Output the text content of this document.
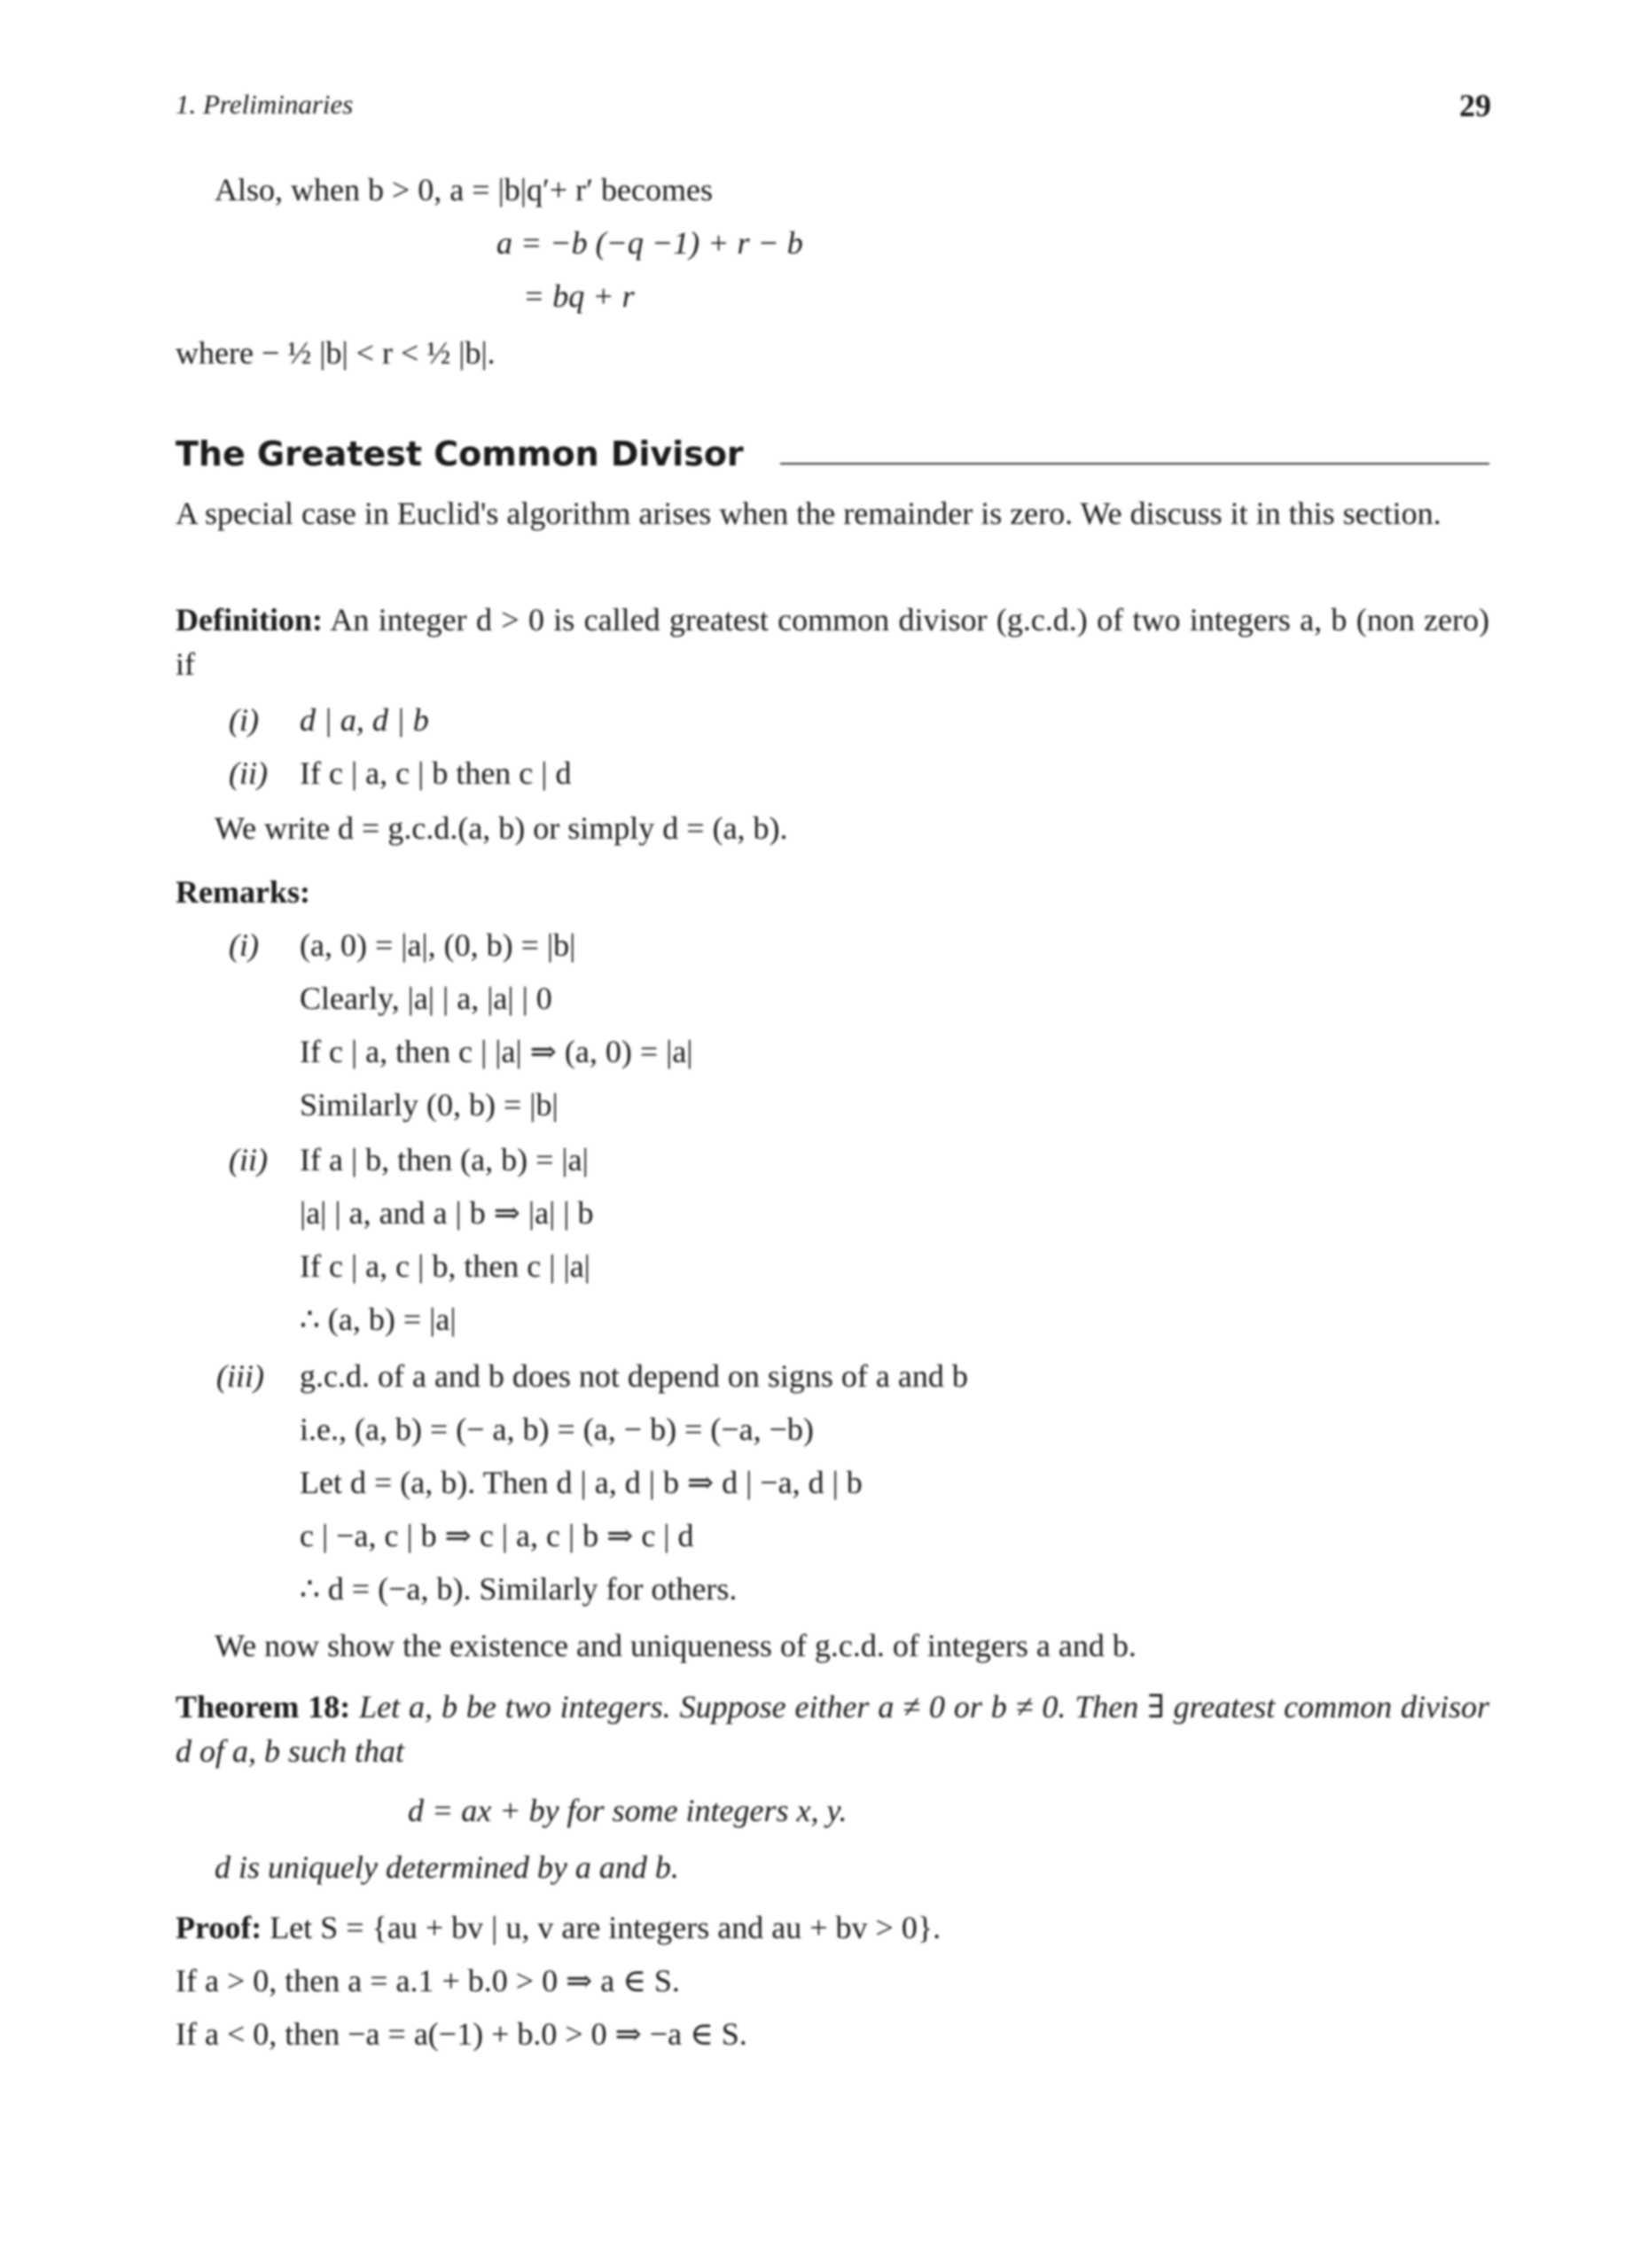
1. Preliminaries	29
Also, when b > 0, a = |b|q′+ r′ becomes
a = −b (−q −1) + r − b
= bq + r
where − ½ |b| < r < ½ |b|.
The Greatest Common Divisor
A special case in Euclid's algorithm arises when the remainder is zero. We discuss it in this section.
Definition: An integer d > 0 is called greatest common divisor (g.c.d.) of two integers a, b (non zero) if
(i) d | a, d | b
(ii) If c | a, c | b then c | d
We write d = g.c.d.(a, b) or simply d = (a, b).
Remarks:
(i) (a, 0) = |a|, (0, b) = |b|
Clearly, |a| | a, |a| | 0
If c | a, then c | |a| ⇒ (a, 0) = |a|
Similarly (0, b) = |b|
(ii) If a | b, then (a, b) = |a|
|a| | a, and a | b ⇒ |a| | b
If c | a, c | b, then c | |a|
∴ (a, b) = |a|
(iii) g.c.d. of a and b does not depend on signs of a and b
i.e., (a, b) = (− a, b) = (a, − b) = (−a, −b)
Let d = (a, b). Then d | a, d | b ⇒ d | −a, d | b
c | −a, c | b ⇒ c | a, c | b ⇒ c | d
∴ d = (−a, b). Similarly for others.
We now show the existence and uniqueness of g.c.d. of integers a and b.
Theorem 18: Let a, b be two integers. Suppose either a ≠ 0 or b ≠ 0. Then ∃ greatest common divisor d of a, b such that
d = ax + by for some integers x, y.
d is uniquely determined by a and b.
Proof: Let S = {au + bv | u, v are integers and au + bv > 0}.
If a > 0, then a = a.1 + b.0 > 0 ⇒ a ∈ S.
If a < 0, then −a = a(−1) + b.0 > 0 ⇒ −a ∈ S.
